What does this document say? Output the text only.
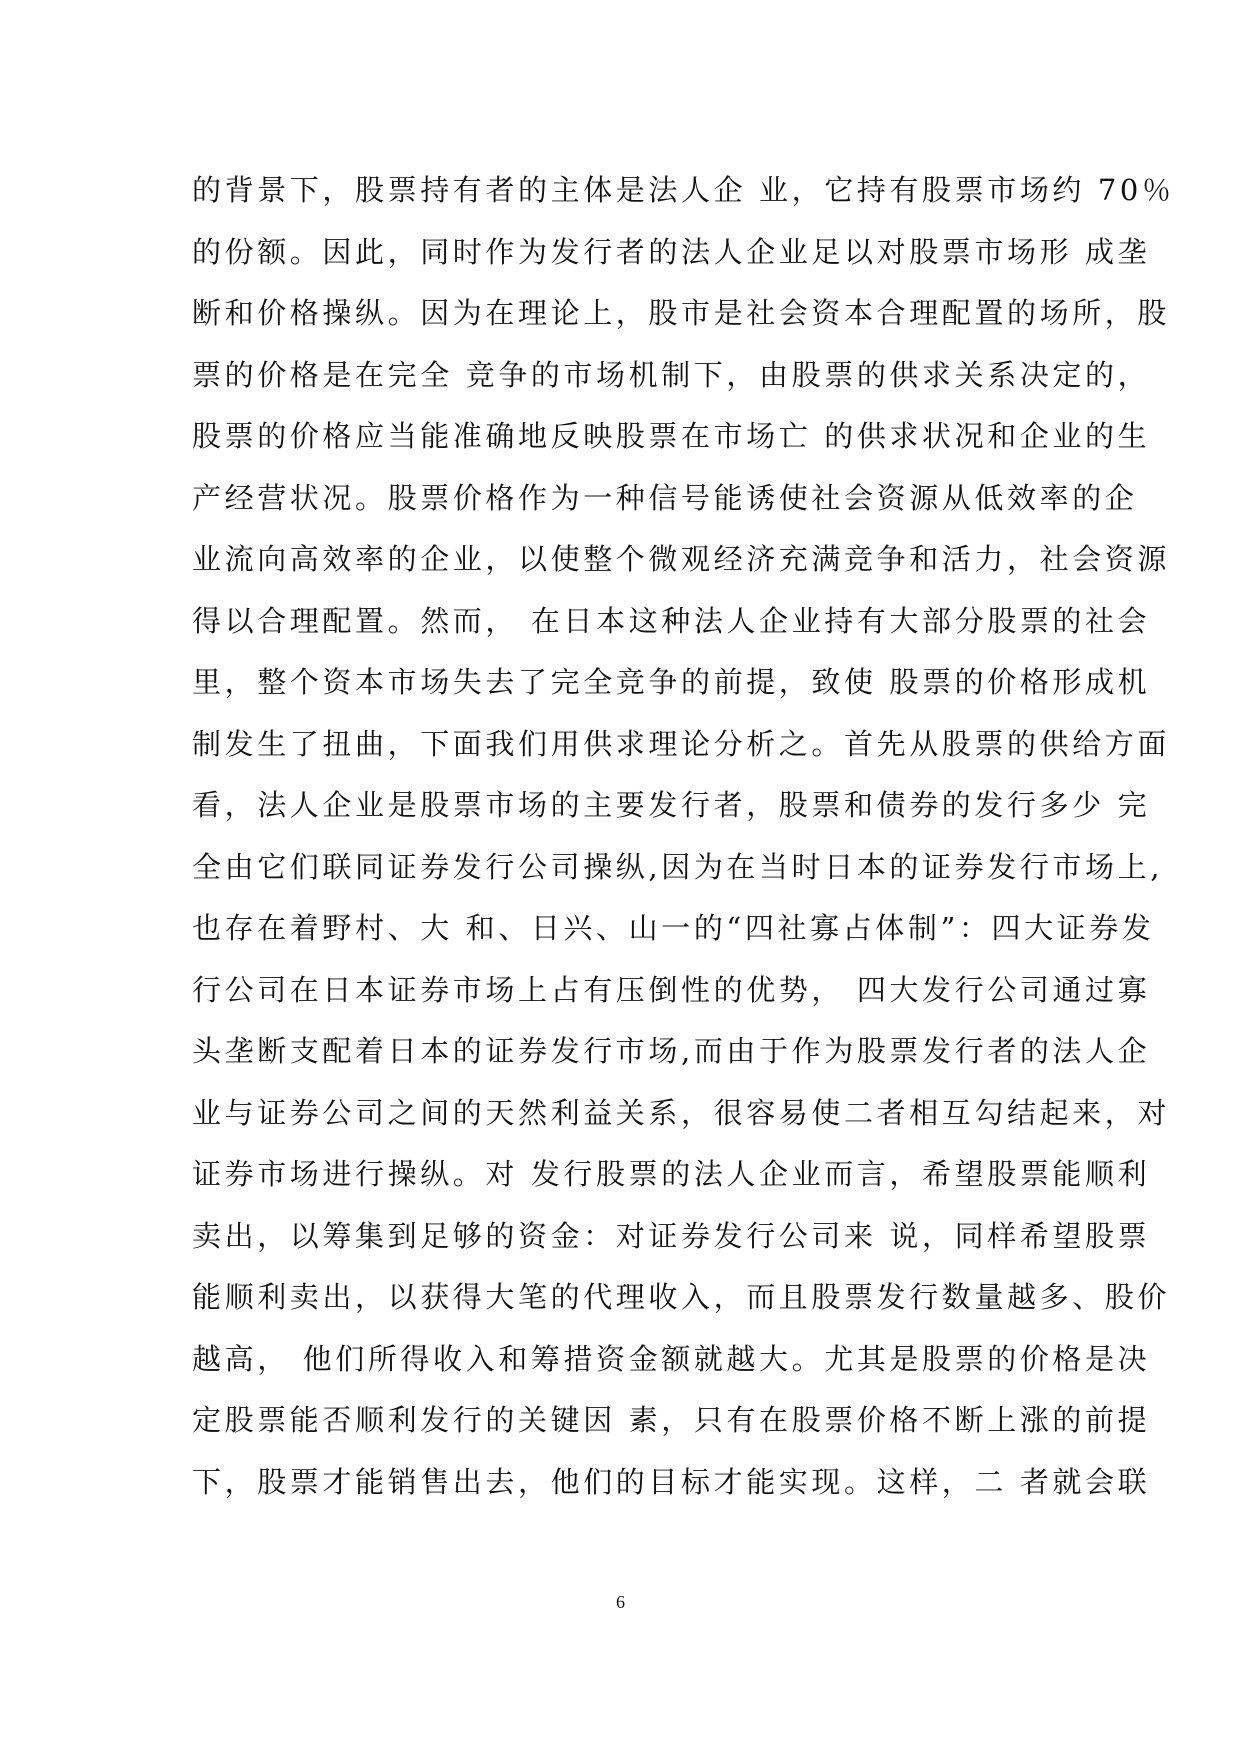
的背景下，股票持有者的主体是法人企 业，它持有股票市场约 70％
的份额。因此，同时作为发行者的法人企业足以对股票市场形 成垄
断和价格操纵。因为在理论上，股市是社会资本合理配置的场所，股
票的价格是在完全 竞争的市场机制下，由股票的供求关系决定的，
股票的价格应当能准确地反映股票在市场亡 的供求状况和企业的生
产经营状况。股票价格作为一种信号能诱使社会资源从低效率的企
业流向高效率的企业，以使整个微观经济充满竞争和活力，社会资源
得以合理配置。然而， 在日本这种法人企业持有大部分股票的社会
里，整个资本市场失去了完全竞争的前提，致使 股票的价格形成机
制发生了扭曲，下面我们用供求理论分析之。首先从股票的供给方面
看，法人企业是股票市场的主要发行者，股票和债券的发行多少 完
全由它们联同证券发行公司操纵,因为在当时日本的证券发行市场上,
也存在着野村、大 和、日兴、山一的“四社寡占体制”：四大证券发
行公司在日本证券市场上占有压倒性的优势， 四大发行公司通过寡
头垄断支配着日本的证券发行市场,而由于作为股票发行者的法人企
业与证券公司之间的天然利益关系，很容易使二者相互勾结起来，对
证券市场进行操纵。对 发行股票的法人企业而言，希望股票能顺利
卖出，以筹集到足够的资金：对证券发行公司来 说，同样希望股票
能顺利卖出，以获得大笔的代理收入，而且股票发行数量越多、股价
越高， 他们所得收入和筹措资金额就越大。尤其是股票的价格是决
定股票能否顺利发行的关键因 素，只有在股票价格不断上涨的前提
下，股票才能销售出去，他们的目标才能实现。这样，二 者就会联
6
